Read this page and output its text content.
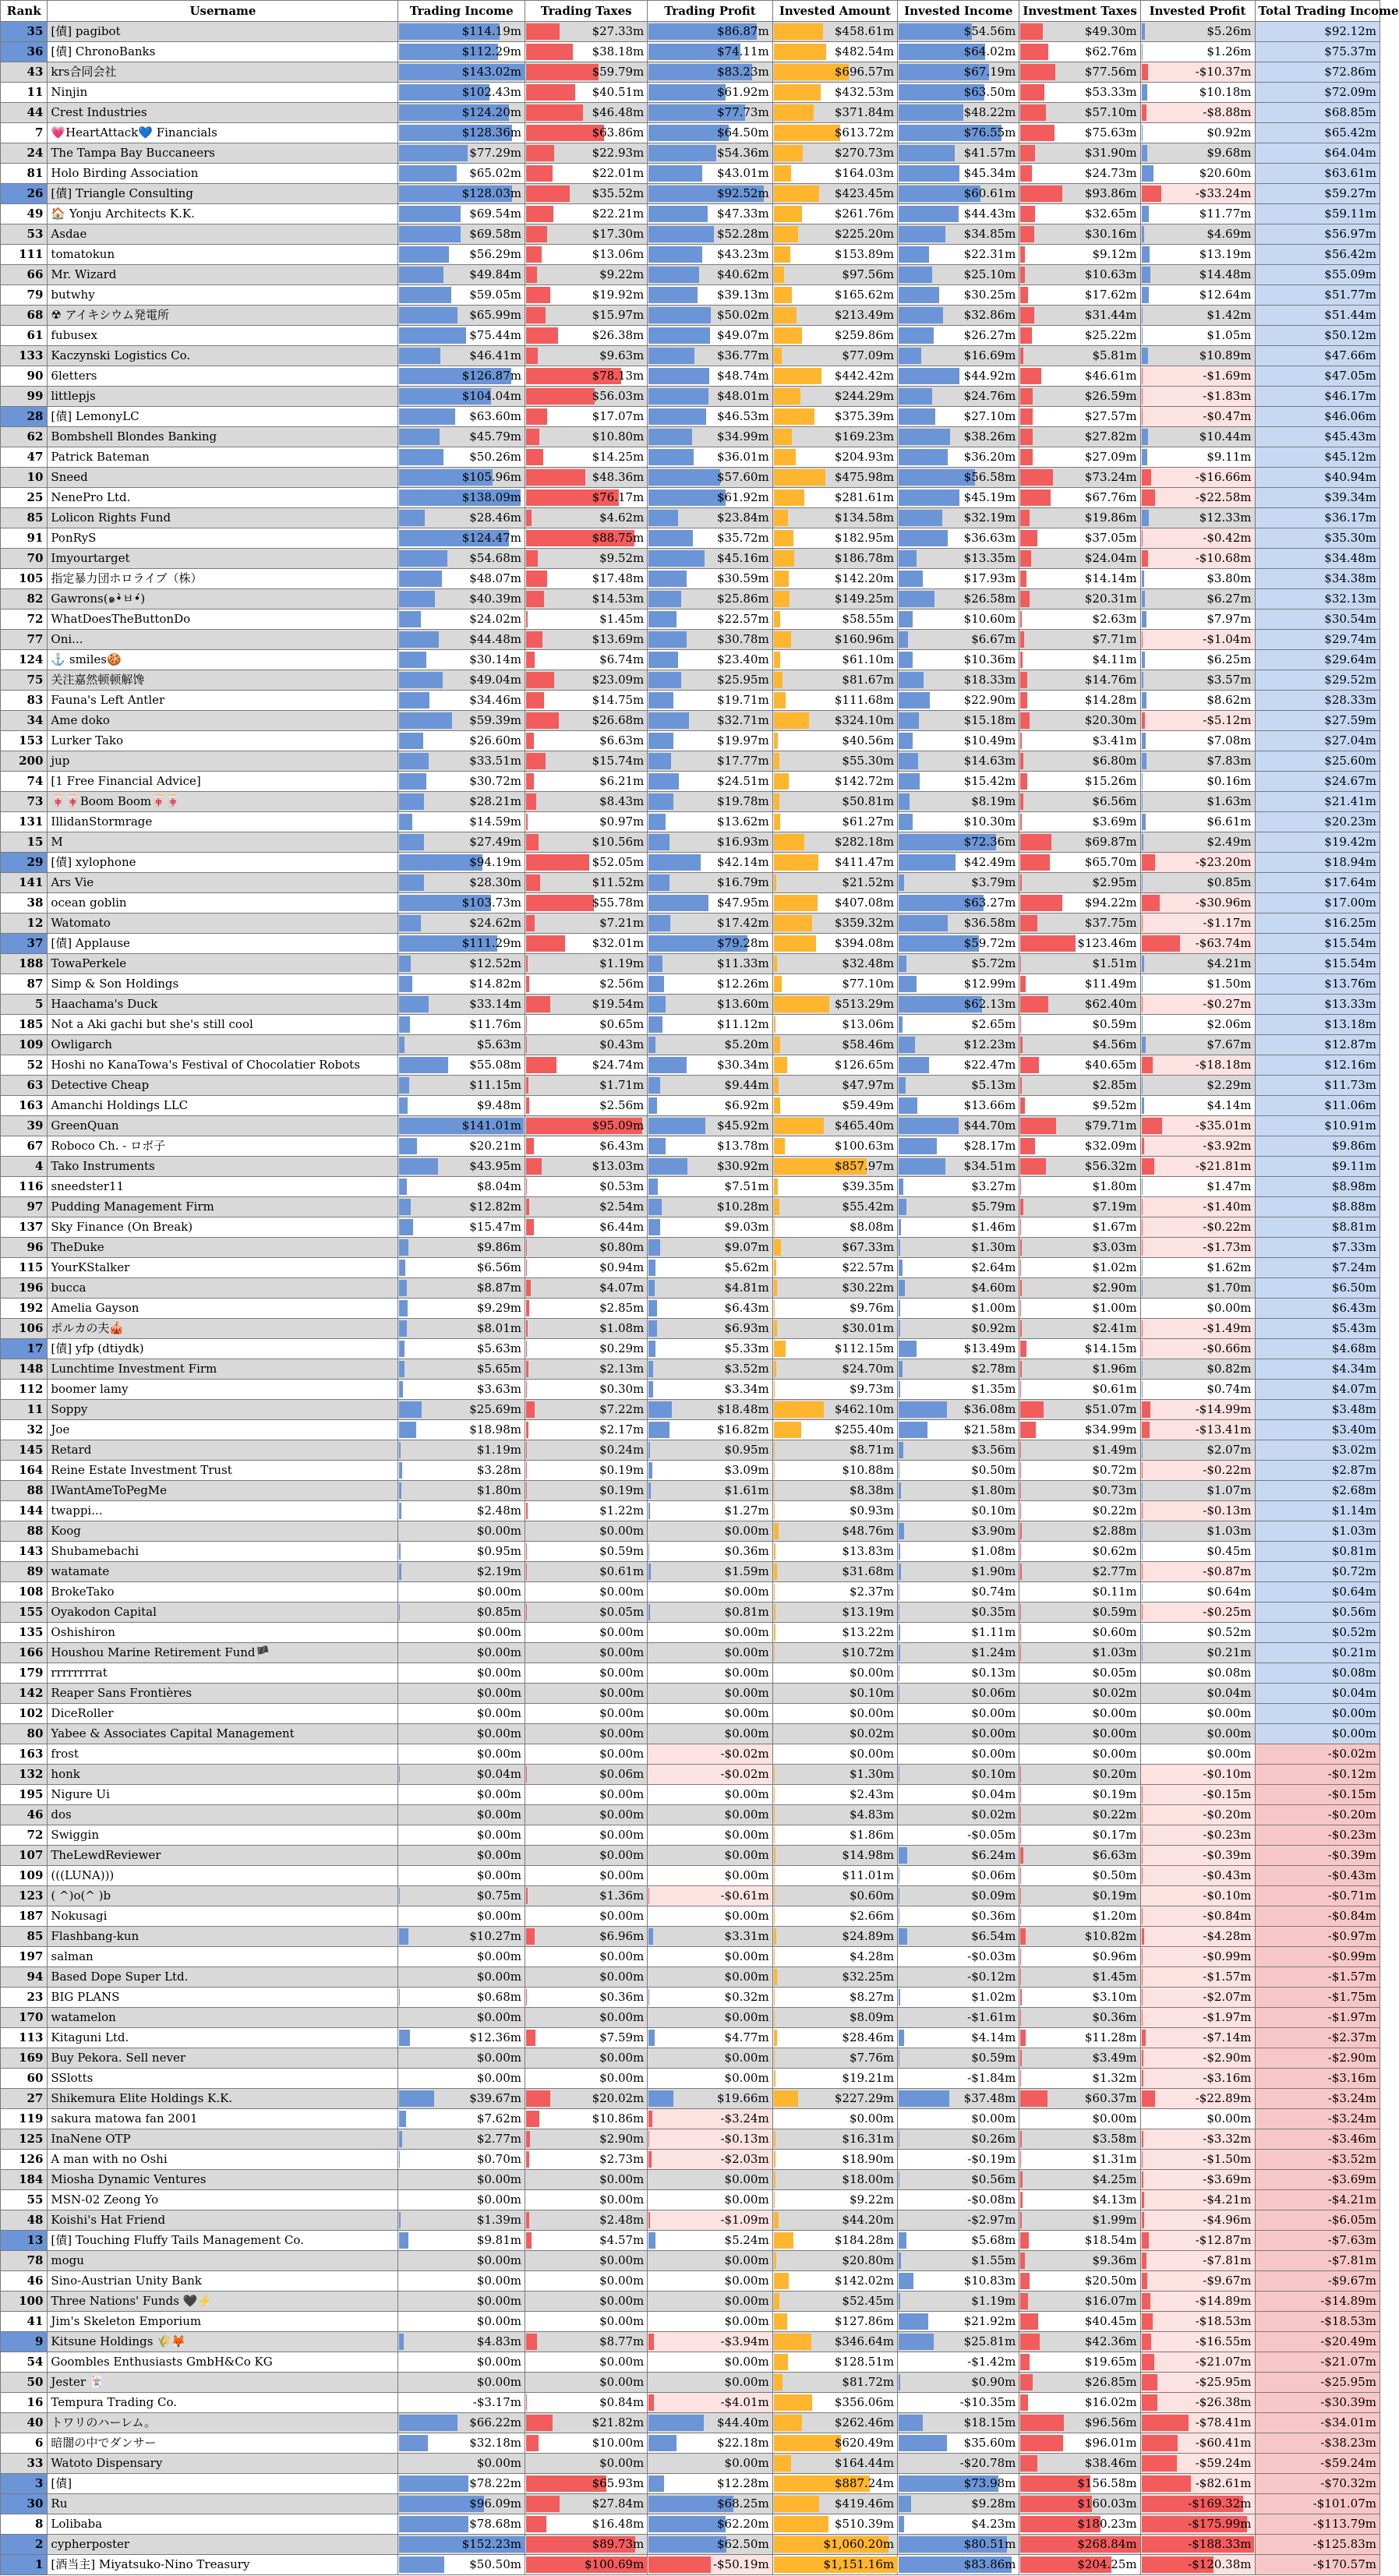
Rank	Username	Trading Income	Trading Taxes	Trading Profit	Invested Amount	Invested Income	Investment Taxes	Invested Profit	Total Trading Income
35	[債] pagibot	$114.19m	$27.33m	$86.87m	$458.61m	$54.56m	$49.30m	$5.26m	$92.12m
36	[債] ChronoBanks	$112.29m	$38.18m	$74.11m	$482.54m	$64.02m	$62.76m	$1.26m	$75.37m
43	krs合同会社	$143.02m	$59.79m	$83.23m	$696.57m	$67.19m	$77.56m	-$10.37m	$72.86m
11	Ninjin	$102.43m	$40.51m	$61.92m	$432.53m	$63.50m	$53.33m	$10.18m	$72.09m
44	Crest Industries	$124.20m	$46.48m	$77.73m	$371.84m	$48.22m	$57.10m	-$8.88m	$68.85m
7	💗HeartAttack💙 Financials	$128.36m	$63.86m	$64.50m	$613.72m	$76.55m	$75.63m	$0.92m	$65.42m
24	The Tampa Bay Buccaneers	$77.29m	$22.93m	$54.36m	$270.73m	$41.57m	$31.90m	$9.68m	$64.04m
81	Holo Birding Association	$65.02m	$22.01m	$43.01m	$164.03m	$45.34m	$24.73m	$20.60m	$63.61m
26	[債] Triangle Consulting	$128.03m	$35.52m	$92.52m	$423.45m	$60.61m	$93.86m	-$33.24m	$59.27m
49	🏠 Yonju Architects K.K.	$69.54m	$22.21m	$47.33m	$261.76m	$44.43m	$32.65m	$11.77m	$59.11m
53	Asdae	$69.58m	$17.30m	$52.28m	$225.20m	$34.85m	$30.16m	$4.69m	$56.97m
111	tomatokun	$56.29m	$13.06m	$43.23m	$153.89m	$22.31m	$9.12m	$13.19m	$56.42m
66	Mr. Wizard	$49.84m	$9.22m	$40.62m	$97.56m	$25.10m	$10.63m	$14.48m	$55.09m
79	butwhy	$59.05m	$19.92m	$39.13m	$165.62m	$30.25m	$17.62m	$12.64m	$51.77m
68	☢ アイキシウム発電所	$65.99m	$15.97m	$50.02m	$213.49m	$32.86m	$31.44m	$1.42m	$51.44m
61	fubusex	$75.44m	$26.38m	$49.07m	$259.86m	$26.27m	$25.22m	$1.05m	$50.12m
133	Kaczynski Logistics Co.	$46.41m	$9.63m	$36.77m	$77.09m	$16.69m	$5.81m	$10.89m	$47.66m
90	6letters	$126.87m	$78.13m	$48.74m	$442.42m	$44.92m	$46.61m	-$1.69m	$47.05m
99	littlepjs	$104.04m	$56.03m	$48.01m	$244.29m	$24.76m	$26.59m	-$1.83m	$46.17m
28	[債] LemonyLC	$63.60m	$17.07m	$46.53m	$375.39m	$27.10m	$27.57m	-$0.47m	$46.06m
62	Bombshell Blondes Banking	$45.79m	$10.80m	$34.99m	$169.23m	$38.26m	$27.82m	$10.44m	$45.43m
47	Patrick Bateman	$50.26m	$14.25m	$36.01m	$204.93m	$36.20m	$27.09m	$9.11m	$45.12m
10	Sneed	$105.96m	$48.36m	$57.60m	$475.98m	$56.58m	$73.24m	-$16.66m	$40.94m
25	NenePro Ltd.	$138.09m	$76.17m	$61.92m	$281.61m	$45.19m	$67.76m	-$22.58m	$39.34m
85	Lolicon Rights Fund	$28.46m	$4.62m	$23.84m	$134.58m	$32.19m	$19.86m	$12.33m	$36.17m
91	PonRyS	$124.47m	$88.75m	$35.72m	$182.95m	$36.63m	$37.05m	-$0.42m	$35.30m
70	Imyourtarget	$54.68m	$9.52m	$45.16m	$186.78m	$13.35m	$24.04m	-$10.68m	$34.48m
105	指定暴力団ホロライブ（株）	$48.07m	$17.48m	$30.59m	$142.20m	$17.93m	$14.14m	$3.80m	$34.38m
82	Gawrons(๑•̀ㅂ•́)	$40.39m	$14.53m	$25.86m	$149.25m	$26.58m	$20.31m	$6.27m	$32.13m
72	WhatDoesTheButtonDo	$24.02m	$1.45m	$22.57m	$58.55m	$10.60m	$2.63m	$7.97m	$30.54m
77	Oni...	$44.48m	$13.69m	$30.78m	$160.96m	$6.67m	$7.71m	-$1.04m	$29.74m
124	⚓ smiles🍪	$30.14m	$6.74m	$23.40m	$61.10m	$10.36m	$4.11m	$6.25m	$29.64m
75	关注嘉然顿顿解馋	$49.04m	$23.09m	$25.95m	$81.67m	$18.33m	$14.76m	$3.57m	$29.52m
83	Fauna's Left Antler	$34.46m	$14.75m	$19.71m	$111.68m	$22.90m	$14.28m	$8.62m	$28.33m
34	Ame doko	$59.39m	$26.68m	$32.71m	$324.10m	$15.18m	$20.30m	-$5.12m	$27.59m
153	Lurker Tako	$26.60m	$6.63m	$19.97m	$40.56m	$10.49m	$3.41m	$7.08m	$27.04m
200	jup	$33.51m	$15.74m	$17.77m	$55.30m	$14.63m	$6.80m	$7.83m	$25.60m
74	[1 Free Financial Advice]	$30.72m	$6.21m	$24.51m	$142.72m	$15.42m	$15.26m	$0.16m	$24.67m
73	🀄🀄Boom Boom🀄🀄	$28.21m	$8.43m	$19.78m	$50.81m	$8.19m	$6.56m	$1.63m	$21.41m
131	IllidanStormrage	$14.59m	$0.97m	$13.62m	$61.27m	$10.30m	$3.69m	$6.61m	$20.23m
15	M	$27.49m	$10.56m	$16.93m	$282.18m	$72.36m	$69.87m	$2.49m	$19.42m
29	[債] xylophone	$94.19m	$52.05m	$42.14m	$411.47m	$42.49m	$65.70m	-$23.20m	$18.94m
141	Ars Vie	$28.30m	$11.52m	$16.79m	$21.52m	$3.79m	$2.95m	$0.85m	$17.64m
38	ocean goblin	$103.73m	$55.78m	$47.95m	$407.08m	$63.27m	$94.22m	-$30.96m	$17.00m
12	Watomato	$24.62m	$7.21m	$17.42m	$359.32m	$36.58m	$37.75m	-$1.17m	$16.25m
37	[債] Applause	$111.29m	$32.01m	$79.28m	$394.08m	$59.72m	$123.46m	-$63.74m	$15.54m
188	TowaPerkele	$12.52m	$1.19m	$11.33m	$32.48m	$5.72m	$1.51m	$4.21m	$15.54m
87	Simp & Son Holdings	$14.82m	$2.56m	$12.26m	$77.10m	$12.99m	$11.49m	$1.50m	$13.76m
5	Haachama's Duck	$33.14m	$19.54m	$13.60m	$513.29m	$62.13m	$62.40m	-$0.27m	$13.33m
185	Not a Aki gachi but she's still cool	$11.76m	$0.65m	$11.12m	$13.06m	$2.65m	$0.59m	$2.06m	$13.18m
109	Owligarch	$5.63m	$0.43m	$5.20m	$58.46m	$12.23m	$4.56m	$7.67m	$12.87m
52	Hoshi no KanaTowa's Festival of Chocolatier Robots	$55.08m	$24.74m	$30.34m	$126.65m	$22.47m	$40.65m	-$18.18m	$12.16m
63	Detective Cheap	$11.15m	$1.71m	$9.44m	$47.97m	$5.13m	$2.85m	$2.29m	$11.73m
163	Amanchi Holdings LLC	$9.48m	$2.56m	$6.92m	$59.49m	$13.66m	$9.52m	$4.14m	$11.06m
39	GreenQuan	$141.01m	$95.09m	$45.92m	$465.40m	$44.70m	$79.71m	-$35.01m	$10.91m
67	Roboco Ch. - ロボ子	$20.21m	$6.43m	$13.78m	$100.63m	$28.17m	$32.09m	-$3.92m	$9.86m
4	Tako Instruments	$43.95m	$13.03m	$30.92m	$857.97m	$34.51m	$56.32m	-$21.81m	$9.11m
116	sneedster11	$8.04m	$0.53m	$7.51m	$39.35m	$3.27m	$1.80m	$1.47m	$8.98m
97	Pudding Management Firm	$12.82m	$2.54m	$10.28m	$55.42m	$5.79m	$7.19m	-$1.40m	$8.88m
137	Sky Finance (On Break)	$15.47m	$6.44m	$9.03m	$8.08m	$1.46m	$1.67m	-$0.22m	$8.81m
96	TheDuke	$9.86m	$0.80m	$9.07m	$67.33m	$1.30m	$3.03m	-$1.73m	$7.33m
115	YourKStalker	$6.56m	$0.94m	$5.62m	$22.57m	$2.64m	$1.02m	$1.62m	$7.24m
196	bucca	$8.87m	$4.07m	$4.81m	$30.22m	$4.60m	$2.90m	$1.70m	$6.50m
192	Amelia Gayson	$9.29m	$2.85m	$6.43m	$9.76m	$1.00m	$1.00m	$0.00m	$6.43m
106	ポルカの夫🎪	$8.01m	$1.08m	$6.93m	$30.01m	$0.92m	$2.41m	-$1.49m	$5.43m
17	[債] yfp (dtiydk)	$5.63m	$0.29m	$5.33m	$112.15m	$13.49m	$14.15m	-$0.66m	$4.68m
148	Lunchtime Investment Firm	$5.65m	$2.13m	$3.52m	$24.70m	$2.78m	$1.96m	$0.82m	$4.34m
112	boomer lamy	$3.63m	$0.30m	$3.34m	$9.73m	$1.35m	$0.61m	$0.74m	$4.07m
11	Soppy	$25.69m	$7.22m	$18.48m	$462.10m	$36.08m	$51.07m	-$14.99m	$3.48m
32	Joe	$18.98m	$2.17m	$16.82m	$255.40m	$21.58m	$34.99m	-$13.41m	$3.40m
145	Retard	$1.19m	$0.24m	$0.95m	$8.71m	$3.56m	$1.49m	$2.07m	$3.02m
164	Reine Estate Investment Trust	$3.28m	$0.19m	$3.09m	$10.88m	$0.50m	$0.72m	-$0.22m	$2.87m
88	IWantAmeToPegMe	$1.80m	$0.19m	$1.61m	$8.38m	$1.80m	$0.73m	$1.07m	$2.68m
144	twappi...	$2.48m	$1.22m	$1.27m	$0.93m	$0.10m	$0.22m	-$0.13m	$1.14m
88	Koog	$0.00m	$0.00m	$0.00m	$48.76m	$3.90m	$2.88m	$1.03m	$1.03m
143	Shubamebachi	$0.95m	$0.59m	$0.36m	$13.83m	$1.08m	$0.62m	$0.45m	$0.81m
89	watamate	$2.19m	$0.61m	$1.59m	$31.68m	$1.90m	$2.77m	-$0.87m	$0.72m
108	BrokeTako	$0.00m	$0.00m	$0.00m	$2.37m	$0.74m	$0.11m	$0.64m	$0.64m
155	Oyakodon Capital	$0.85m	$0.05m	$0.81m	$13.19m	$0.35m	$0.59m	-$0.25m	$0.56m
135	Oshishiron	$0.00m	$0.00m	$0.00m	$13.22m	$1.11m	$0.60m	$0.52m	$0.52m
166	Houshou Marine Retirement Fund🏴	$0.00m	$0.00m	$0.00m	$10.72m	$1.24m	$1.03m	$0.21m	$0.21m
179	rrrrrrrrat	$0.00m	$0.00m	$0.00m	$0.00m	$0.13m	$0.05m	$0.08m	$0.08m
142	Reaper Sans Frontières	$0.00m	$0.00m	$0.00m	$0.10m	$0.06m	$0.02m	$0.04m	$0.04m
102	DiceRoller	$0.00m	$0.00m	$0.00m	$0.00m	$0.00m	$0.00m	$0.00m	$0.00m
80	Yabee & Associates Capital Management	$0.00m	$0.00m	$0.00m	$0.02m	$0.00m	$0.00m	$0.00m	$0.00m
163	frost	$0.00m	$0.00m	-$0.02m	$0.00m	$0.00m	$0.00m	$0.00m	-$0.02m
132	honk	$0.04m	$0.06m	-$0.02m	$1.30m	$0.10m	$0.20m	-$0.10m	-$0.12m
195	Nigure Ui	$0.00m	$0.00m	$0.00m	$2.43m	$0.04m	$0.19m	-$0.15m	-$0.15m
46	dos	$0.00m	$0.00m	$0.00m	$4.83m	$0.02m	$0.22m	-$0.20m	-$0.20m
72	Swiggin	$0.00m	$0.00m	$0.00m	$1.86m	-$0.05m	$0.17m	-$0.23m	-$0.23m
107	TheLewdReviewer	$0.00m	$0.00m	$0.00m	$14.98m	$6.24m	$6.63m	-$0.39m	-$0.39m
109	(((LUNA)))	$0.00m	$0.00m	$0.00m	$11.01m	$0.06m	$0.50m	-$0.43m	-$0.43m
123	( ^)o(^ )b	$0.75m	$1.36m	-$0.61m	$0.60m	$0.09m	$0.19m	-$0.10m	-$0.71m
187	Nokusagi	$0.00m	$0.00m	$0.00m	$2.66m	$0.36m	$1.20m	-$0.84m	-$0.84m
85	Flashbang-kun	$10.27m	$6.96m	$3.31m	$24.89m	$6.54m	$10.82m	-$4.28m	-$0.97m
197	salman	$0.00m	$0.00m	$0.00m	$4.28m	-$0.03m	$0.96m	-$0.99m	-$0.99m
94	Based Dope Super Ltd.	$0.00m	$0.00m	$0.00m	$32.25m	-$0.12m	$1.45m	-$1.57m	-$1.57m
23	BIG PLANS	$0.68m	$0.36m	$0.32m	$8.27m	$1.02m	$3.10m	-$2.07m	-$1.75m
170	watamelon	$0.00m	$0.00m	$0.00m	$8.09m	-$1.61m	$0.36m	-$1.97m	-$1.97m
113	Kitaguni Ltd.	$12.36m	$7.59m	$4.77m	$28.46m	$4.14m	$11.28m	-$7.14m	-$2.37m
169	Buy Pekora. Sell never	$0.00m	$0.00m	$0.00m	$7.76m	$0.59m	$3.49m	-$2.90m	-$2.90m
60	SSlotts	$0.00m	$0.00m	$0.00m	$19.21m	-$1.84m	$1.32m	-$3.16m	-$3.16m
27	Shikemura Elite Holdings K.K.	$39.67m	$20.02m	$19.66m	$227.29m	$37.48m	$60.37m	-$22.89m	-$3.24m
119	sakura matowa fan 2001	$7.62m	$10.86m	-$3.24m	$0.00m	$0.00m	$0.00m	$0.00m	-$3.24m
125	InaNene OTP	$2.77m	$2.90m	-$0.13m	$16.31m	$0.26m	$3.58m	-$3.32m	-$3.46m
126	A man with no Oshi	$0.70m	$2.73m	-$2.03m	$18.90m	-$0.19m	$1.31m	-$1.50m	-$3.52m
184	Miosha Dynamic Ventures	$0.00m	$0.00m	$0.00m	$18.00m	$0.56m	$4.25m	-$3.69m	-$3.69m
55	MSN-02 Zeong Yo	$0.00m	$0.00m	$0.00m	$9.22m	-$0.08m	$4.13m	-$4.21m	-$4.21m
48	Koishi's Hat Friend	$1.39m	$2.48m	-$1.09m	$44.20m	-$2.97m	$1.99m	-$4.96m	-$6.05m
13	[債] Touching Fluffy Tails Management Co.	$9.81m	$4.57m	$5.24m	$184.28m	$5.68m	$18.54m	-$12.87m	-$7.63m
78	mogu	$0.00m	$0.00m	$0.00m	$20.80m	$1.55m	$9.36m	-$7.81m	-$7.81m
46	Sino-Austrian Unity Bank	$0.00m	$0.00m	$0.00m	$142.02m	$10.83m	$20.50m	-$9.67m	-$9.67m
100	Three Nations' Funds 🖤⚡	$0.00m	$0.00m	$0.00m	$52.45m	$1.19m	$16.07m	-$14.89m	-$14.89m
41	Jim's Skeleton Emporium	$0.00m	$0.00m	$0.00m	$127.86m	$21.92m	$40.45m	-$18.53m	-$18.53m
9	Kitsune Holdings 🌾🦊	$4.83m	$8.77m	-$3.94m	$346.64m	$25.81m	$42.36m	-$16.55m	-$20.49m
54	Goombles Enthusiasts GmbH&Co KG	$0.00m	$0.00m	$0.00m	$128.51m	-$1.42m	$19.65m	-$21.07m	-$21.07m
50	Jester 🃏	$0.00m	$0.00m	$0.00m	$81.72m	$0.90m	$26.85m	-$25.95m	-$25.95m
16	Tempura Trading Co.	-$3.17m	$0.84m	-$4.01m	$356.06m	-$10.35m	$16.02m	-$26.38m	-$30.39m
40	トワリのハーレム。	$66.22m	$21.82m	$44.40m	$262.46m	$18.15m	$96.56m	-$78.41m	-$34.01m
6	暗闇の中でダンサー	$32.18m	$10.00m	$22.18m	$620.49m	$35.60m	$96.01m	-$60.41m	-$38.23m
33	Watoto Dispensary	$0.00m	$0.00m	$0.00m	$164.44m	-$20.78m	$38.46m	-$59.24m	-$59.24m
3	[債]	$78.22m	$65.93m	$12.28m	$887.24m	$73.98m	$156.58m	-$82.61m	-$70.32m
30	Ru	$96.09m	$27.84m	$68.25m	$419.46m	$9.28m	$160.03m	-$169.32m	-$101.07m
8	Lolibaba	$78.68m	$16.48m	$62.20m	$510.39m	$4.23m	$180.23m	-$175.99m	-$113.79m
2	cypherposter	$152.23m	$89.73m	$62.50m	$1,060.20m	$80.51m	$268.84m	-$188.33m	-$125.83m
1	[酒当主] Miyatsuko-Nino Treasury	$50.50m	$100.69m	-$50.19m	$1,151.16m	$83.86m	$204.25m	-$120.38m	-$170.57m
